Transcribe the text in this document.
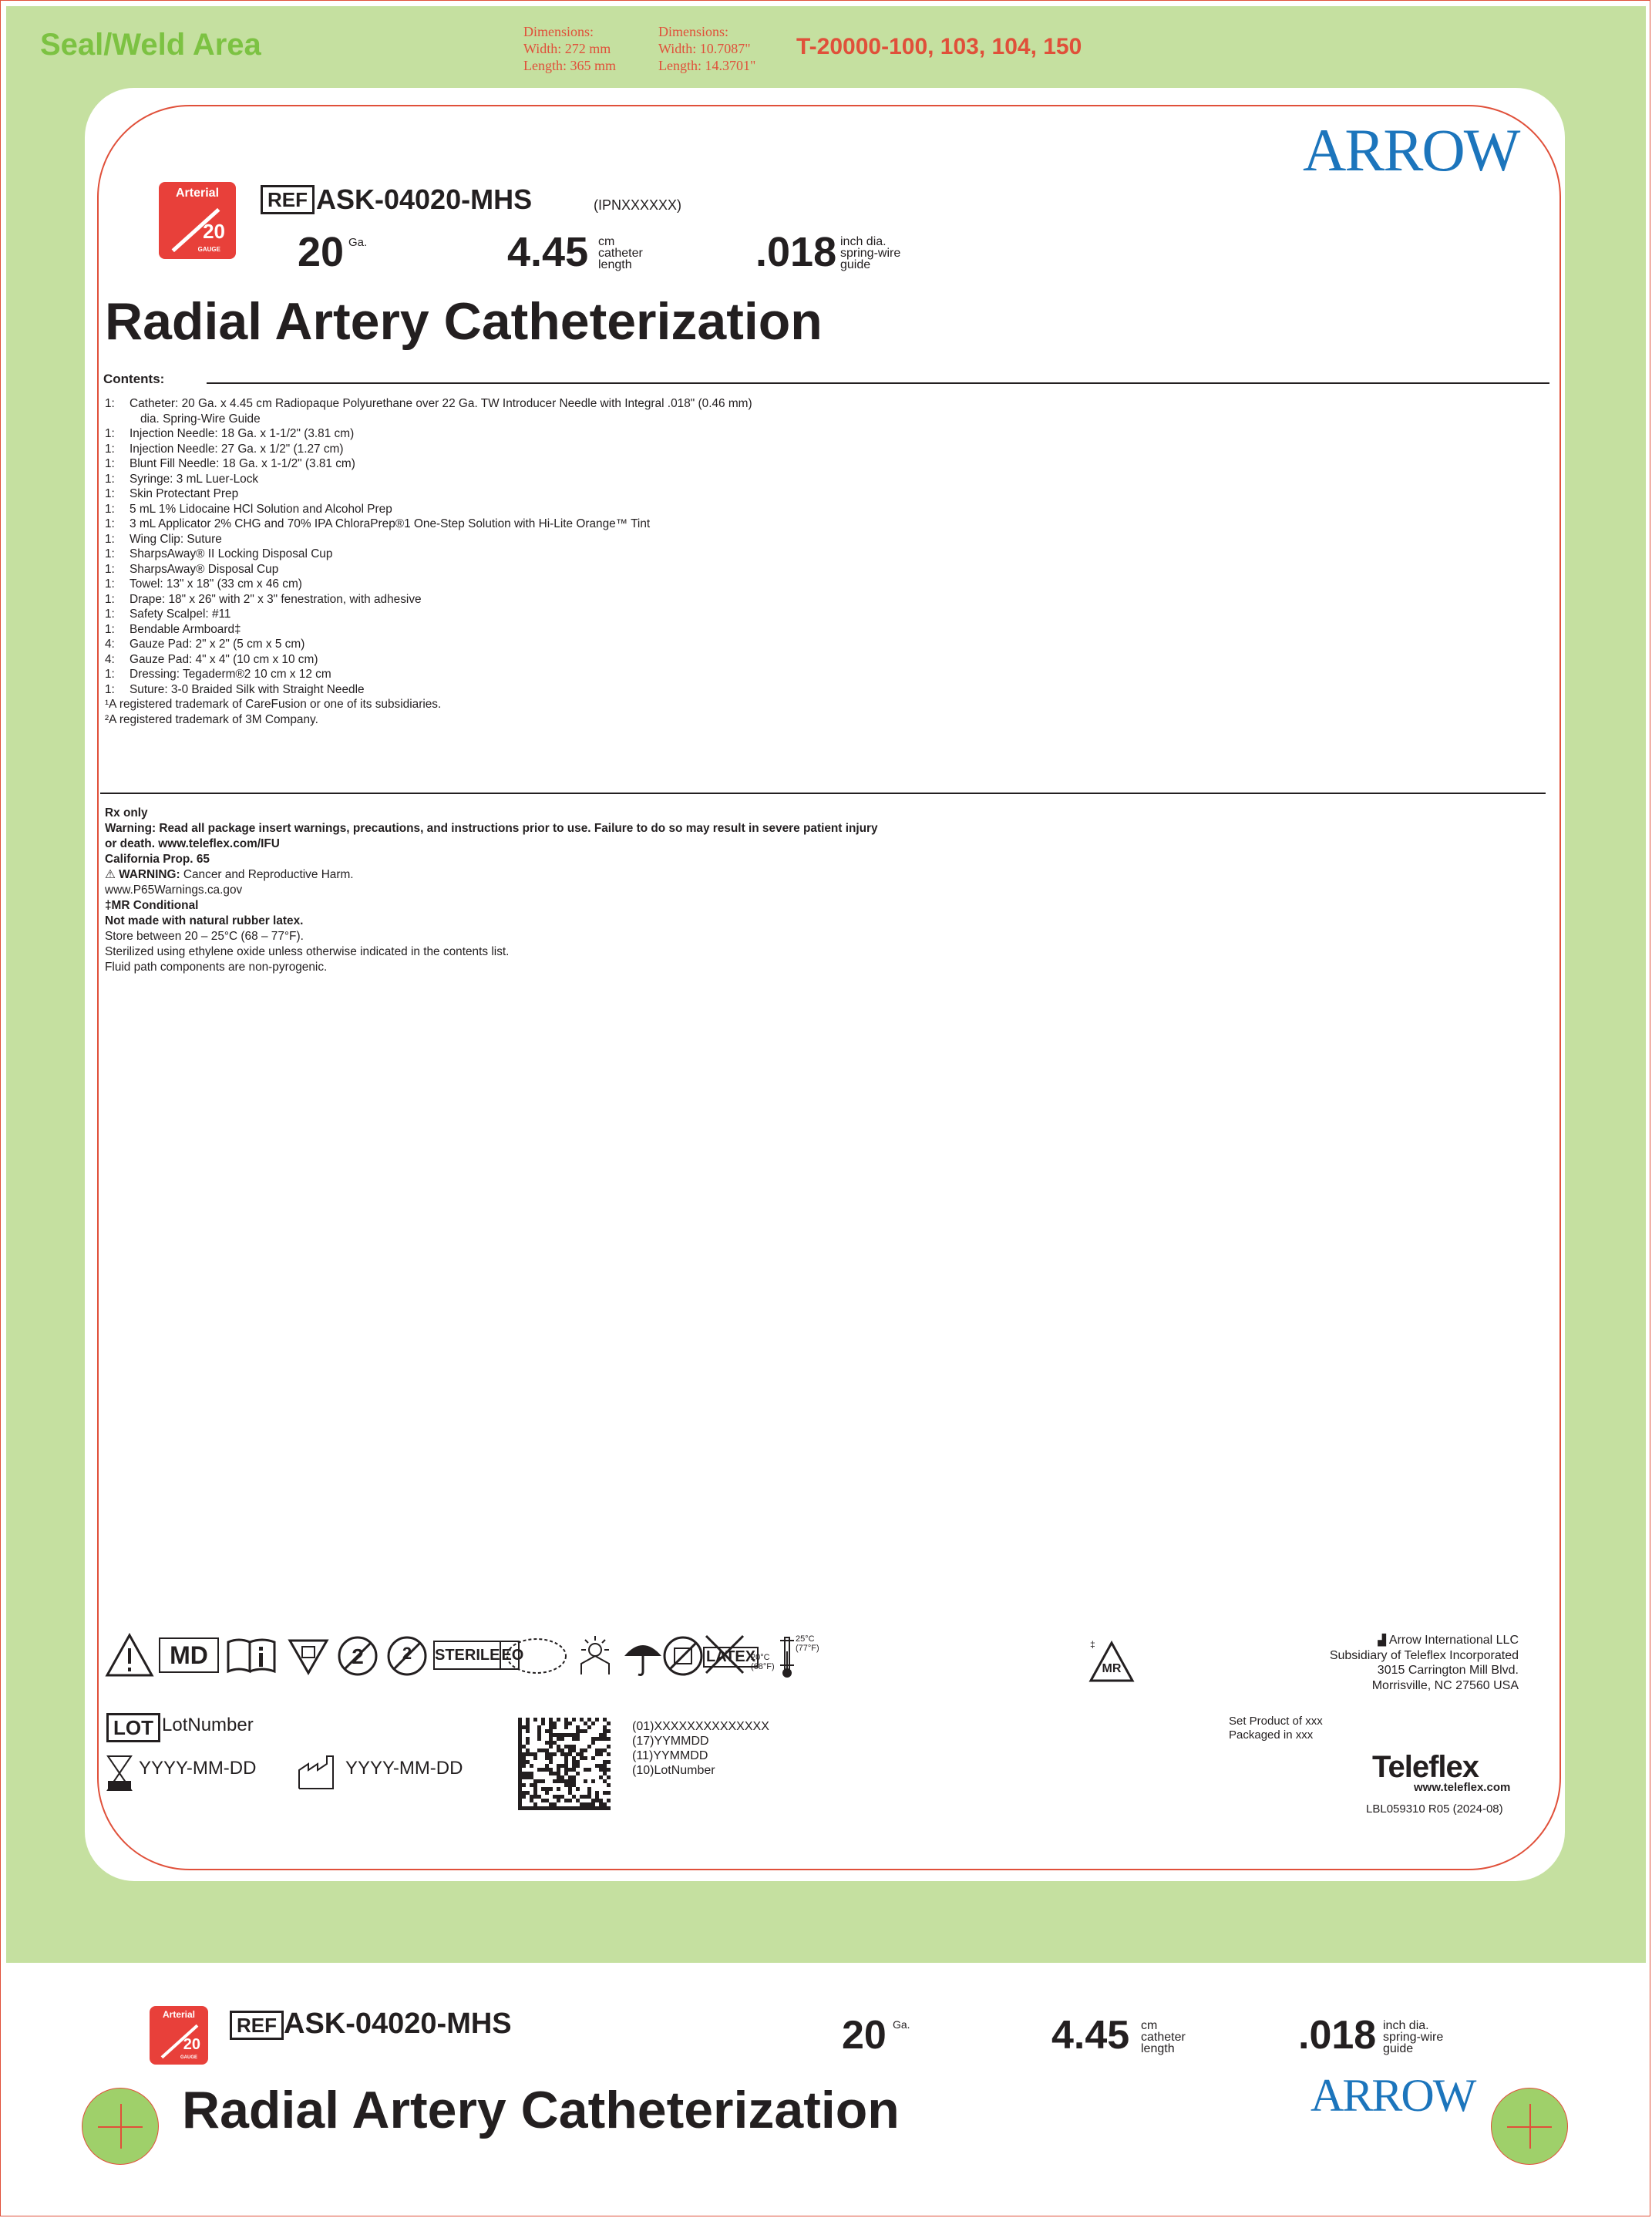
Seal/Weld Area	Dimensions:
Width: 272 mm
Length: 365 mm
Dimensions:
Width: 10.7087"
Length: 14.3701"
T-20000-100, 103, 104, 150
ARROW
Arterial
20
GAUGE
REF ASK-04020-MHS	(IPNXXXXXX)
20 Ga.	4.45 cm
catheter
length	.018 inch dia.
spring-wire
guide
Radial Artery Catheterization
Contents:
1:	Catheter: 20 Ga. x 4.45 cm Radiopaque Polyurethane over 22 Ga. TW Introducer Needle with Integral .018" (0.46 mm)
dia. Spring-Wire Guide
1:	Injection Needle: 18 Ga. x 1-1/2" (3.81 cm)
1:	Injection Needle: 27 Ga. x 1/2" (1.27 cm)
1:	Blunt Fill Needle: 18 Ga. x 1-1/2" (3.81 cm)
1:	Syringe: 3 mL Luer-Lock
1:	Skin Protectant Prep
1:	5 mL 1% Lidocaine HCl Solution and Alcohol Prep
1:	3 mL Applicator 2% CHG and 70% IPA ChloraPrep®1 One-Step Solution with Hi-Lite Orange™ Tint
1:	Wing Clip: Suture
1:	SharpsAway® II Locking Disposal Cup
1:	SharpsAway® Disposal Cup
1:	Towel: 13" x 18" (33 cm x 46 cm)
1:	Drape: 18" x 26" with 2" x 3" fenestration, with adhesive
1:	Safety Scalpel: #11
1:	Bendable Armboard‡
4:	Gauze Pad: 2" x 2" (5 cm x 5 cm)
4:	Gauze Pad: 4" x 4" (10 cm x 10 cm)
1:	Dressing: Tegaderm®2 10 cm x 12 cm
1:	Suture: 3-0 Braided Silk with Straight Needle
¹A registered trademark of CareFusion or one of its subsidiaries.
²A registered trademark of 3M Company.
Rx only
Warning: Read all package insert warnings, precautions, and instructions prior to use. Failure to do so may result in severe patient injury
or death. www.teleflex.com/IFU
California Prop. 65
⚠ WARNING: Cancer and Reproductive Harm.
www.P65Warnings.ca.gov
‡MR Conditional
Not made with natural rubber latex.
Store between 20 – 25°C (68 – 77°F).
Sterilized using ethylene oxide unless otherwise indicated in the contents list.
Fluid path components are non-pyrogenic.
MD	2 2 STERILE EO	LATEX
20°C
(68°F)
25°C
(77°F)	‡
MR
▟ Arrow International LLC
Subsidiary of Teleflex Incorporated
3015 Carrington Mill Blvd.
Morrisville, NC 27560 USA
LOT LotNumber
YYYY-MM-DD	YYYY-MM-DD
(01)XXXXXXXXXXXXXX
(17)YYMMDD
(11)YYMMDD
(10)LotNumber
Set Product of xxx
Packaged in xxx
Teleflex
www.teleflex.com
LBL059310 R05 (2024-08)
Arterial
20
GAUGE
REF ASK-04020-MHS	20 Ga.	4.45 cm
catheter
length	.018 inch dia.
spring-wire
guide
Radial Artery Catheterization	ARROW
